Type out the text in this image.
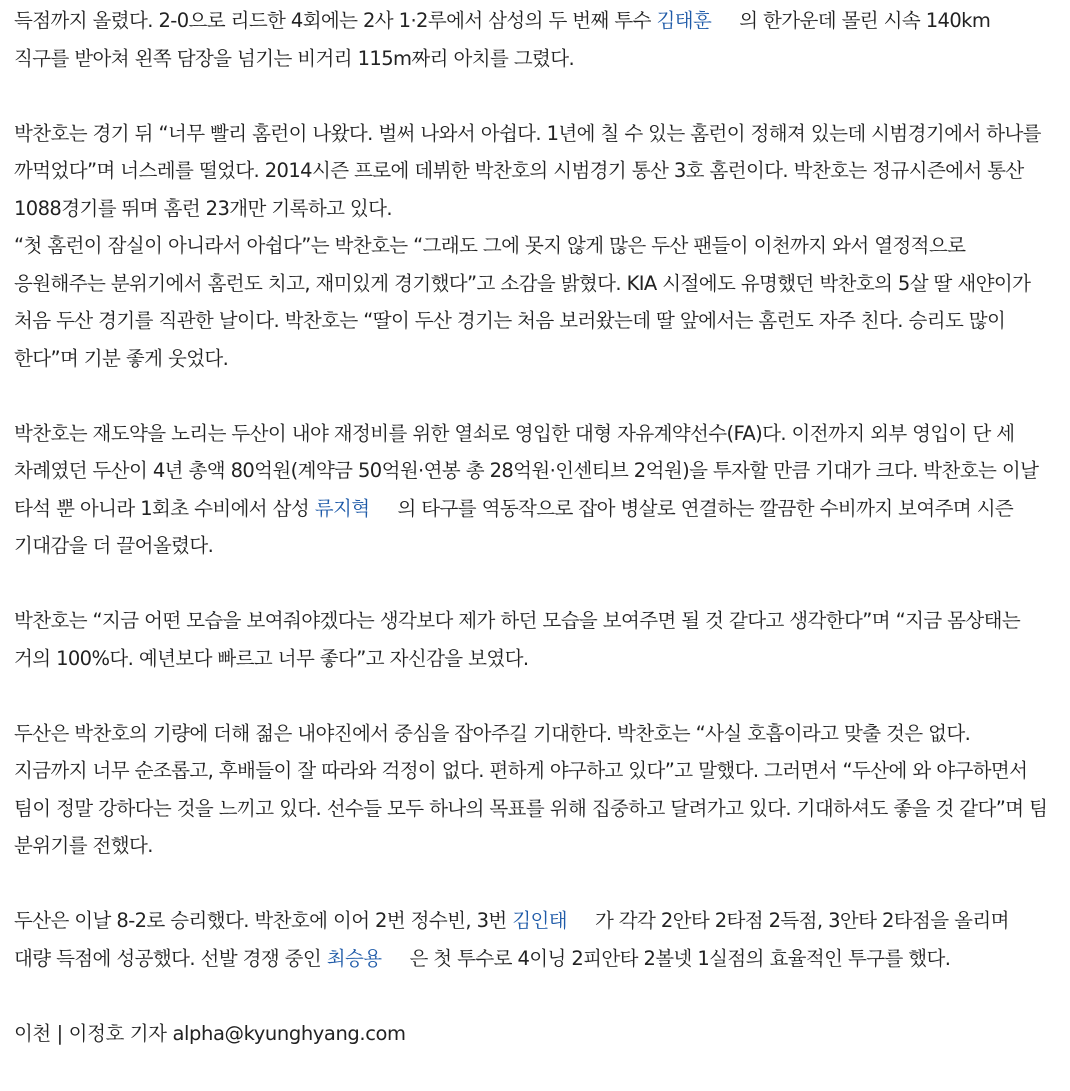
득점까지 올렸다. 2-0으로 리드한 4회에는 2사 1·2루에서 삼성의 두 번째 투수 김태훈 의 한가운데 몰린 시속 140km 직구를 받아쳐 왼쪽 담장을 넘기는 비거리 115m짜리 아치를 그렸다.

박찬호는 경기 뒤 “너무 빨리 홈런이 나왔다. 벌써 나와서 아쉽다. 1년에 칠 수 있는 홈런이 정해져 있는데 시범경기에서 하나를 까먹었다”며 너스레를 떨었다. 2014시즌 프로에 데뷔한 박찬호의 시범경기 통산 3호 홈런이다. 박찬호는 정규시즌에서 통산 1088경기를 뛰며 홈런 23개만 기록하고 있다.

“첫 홈런이 잠실이 아니라서 아쉽다”는 박찬호는 “그래도 그에 못지 않게 많은 두산 팬들이 이천까지 와서 열정적으로 응원해주는 분위기에서 홈런도 치고, 재미있게 경기했다”고 소감을 밝혔다. KIA 시절에도 유명했던 박찬호의 5살 딸 새얀이가 처음 두산 경기를 직관한 날이다. 박찬호는 “딸이 두산 경기는 처음 보러왔는데 딸 앞에서는 홈런도 자주 친다. 승리도 많이 한다”며 기분 좋게 웃었다.

박찬호는 재도약을 노리는 두산이 내야 재정비를 위한 열쇠로 영입한 대형 자유계약선수(FA)다. 이전까지 외부 영입이 단 세 차례였던 두산이 4년 총액 80억원(계약금 50억원·연봉 총 28억원·인센티브 2억원)을 투자할 만큼 기대가 크다. 박찬호는 이날 타석 뿐 아니라 1회초 수비에서 삼성 류지혁 의 타구를 역동작으로 잡아 병살로 연결하는 깔끔한 수비까지 보여주며 시즌 기대감을 더 끌어올렸다.

박찬호는 “지금 어떤 모습을 보여줘야겠다는 생각보다 제가 하던 모습을 보여주면 될 것 같다고 생각한다”며 “지금 몸상태는 거의 100%다. 예년보다 빠르고 너무 좋다”고 자신감을 보였다.

두산은 박찬호의 기량에 더해 젊은 내야진에서 중심을 잡아주길 기대한다. 박찬호는 “사실 호흡이라고 맞출 것은 없다. 지금까지 너무 순조롭고, 후배들이 잘 따라와 걱정이 없다. 편하게 야구하고 있다”고 말했다. 그러면서 “두산에 와 야구하면서 팀이 정말 강하다는 것을 느끼고 있다. 선수들 모두 하나의 목표를 위해 집중하고 달려가고 있다. 기대하셔도 좋을 것 같다”며 팀 분위기를 전했다.

두산은 이날 8-2로 승리했다. 박찬호에 이어 2번 정수빈, 3번 김인태 가 각각 2안타 2타점 2득점, 3안타 2타점을 올리며 대량 득점에 성공했다. 선발 경쟁 중인 최승용 은 첫 투수로 4이닝 2피안타 2볼넷 1실점의 효율적인 투구를 했다.

이천 | 이정호 기자 alpha@kyunghyang.com
